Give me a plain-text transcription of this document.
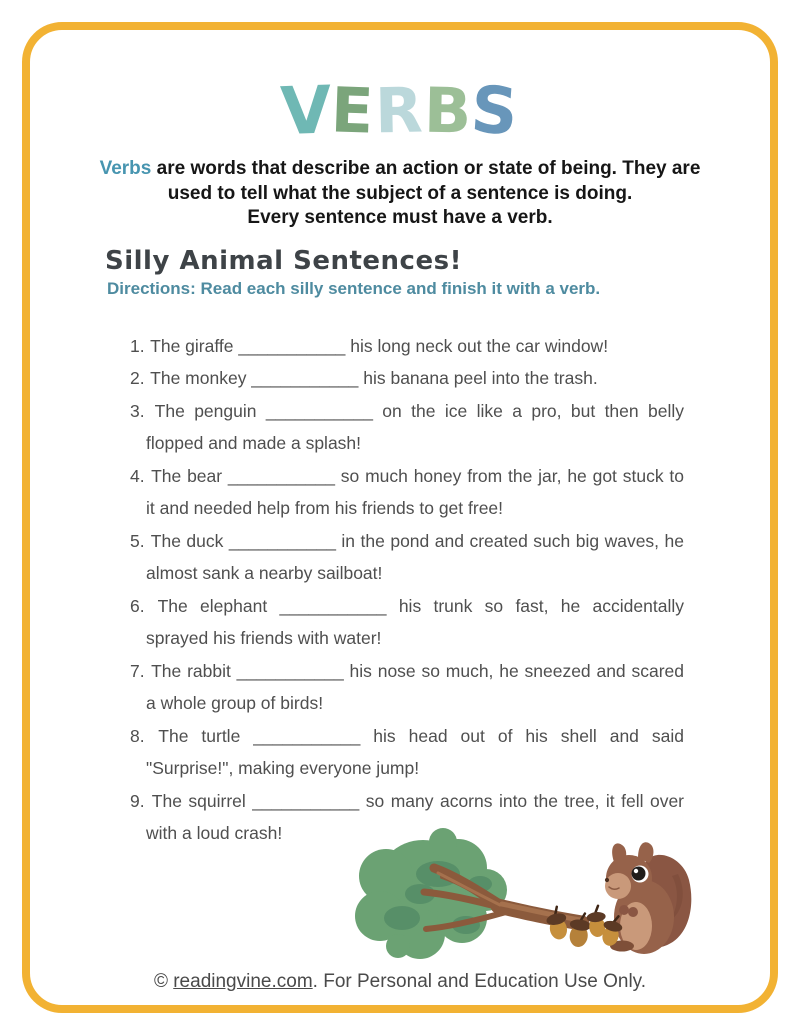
VERBS

Verbs are words that describe an action or state of being. They are
used to tell what the subject of a sentence is doing.
Every sentence must have a verb.

Silly Animal Sentences!

Directions: Read each silly sentence and finish it with a verb.

1. The giraffe ___________ his long neck out the car window!

2. The monkey ___________ his banana peel into the trash.

3. The penguin ___________ on the ice like a pro, but then belly flopped and made a splash!

4. The bear ___________ so much honey from the jar, he got stuck to it and needed help from his friends to get free!

5. The duck ___________ in the pond and created such big waves, he almost sank a nearby sailboat!

6. The elephant ___________ his trunk so fast, he accidentally sprayed his friends with water!

7. The rabbit ___________ his nose so much, he sneezed and scared a whole group of birds!

8. The turtle ___________ his head out of his shell and said "Surprise!", making everyone jump!

9. The squirrel ___________ so many acorns into the tree, it fell over with a loud crash!

© readingvine.com. For Personal and Education Use Only.
